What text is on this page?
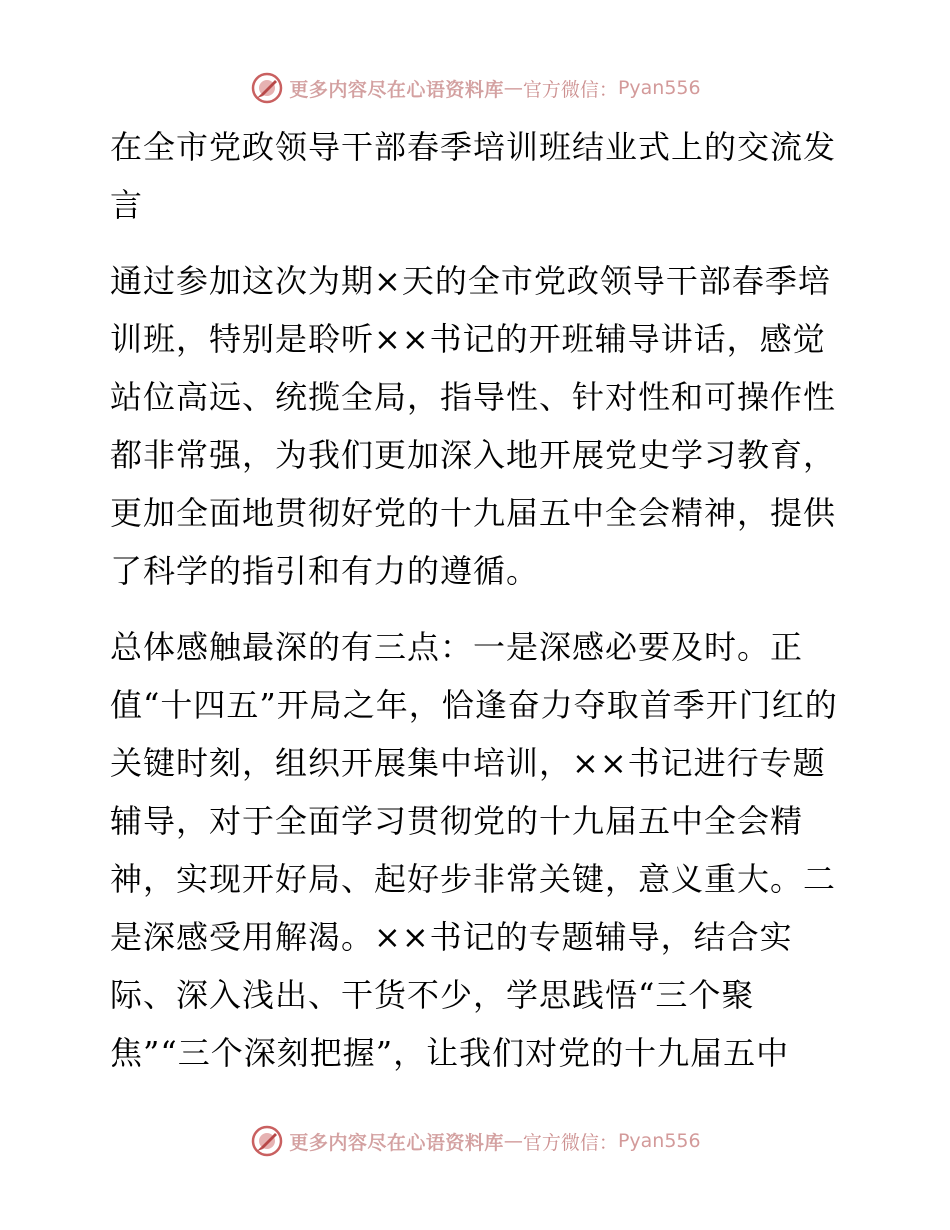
更多内容尽在心语资料库 — 官方微信： Pyan556
在全市党政领导干部春季培训班结业式上的交流发言

通过参加这次为期×天的全市党政领导干部春季培训班，特别是聆听××书记的开班辅导讲话，感觉站位高远、统揽全局，指导性、针对性和可操作性都非常强，为我们更加深入地开展党史学习教育，更加全面地贯彻好党的十九届五中全会精神，提供了科学的指引和有力的遵循。

总体感触最深的有三点：一是深感必要及时。正值“十四五”开局之年，恰逢奋力夺取首季开门红的关键时刻，组织开展集中培训，××书记进行专题辅导，对于全面学习贯彻党的十九届五中全会精神，实现开好局、起好步非常关键，意义重大。二是深感受用解渴。××书记的专题辅导，结合实际、深入浅出、干货不少，学思践悟“三个聚焦”“三个深刻把握”，让我们对党的十九届五中

更多内容尽在心语资料库 — 官方微信： Pyan556
